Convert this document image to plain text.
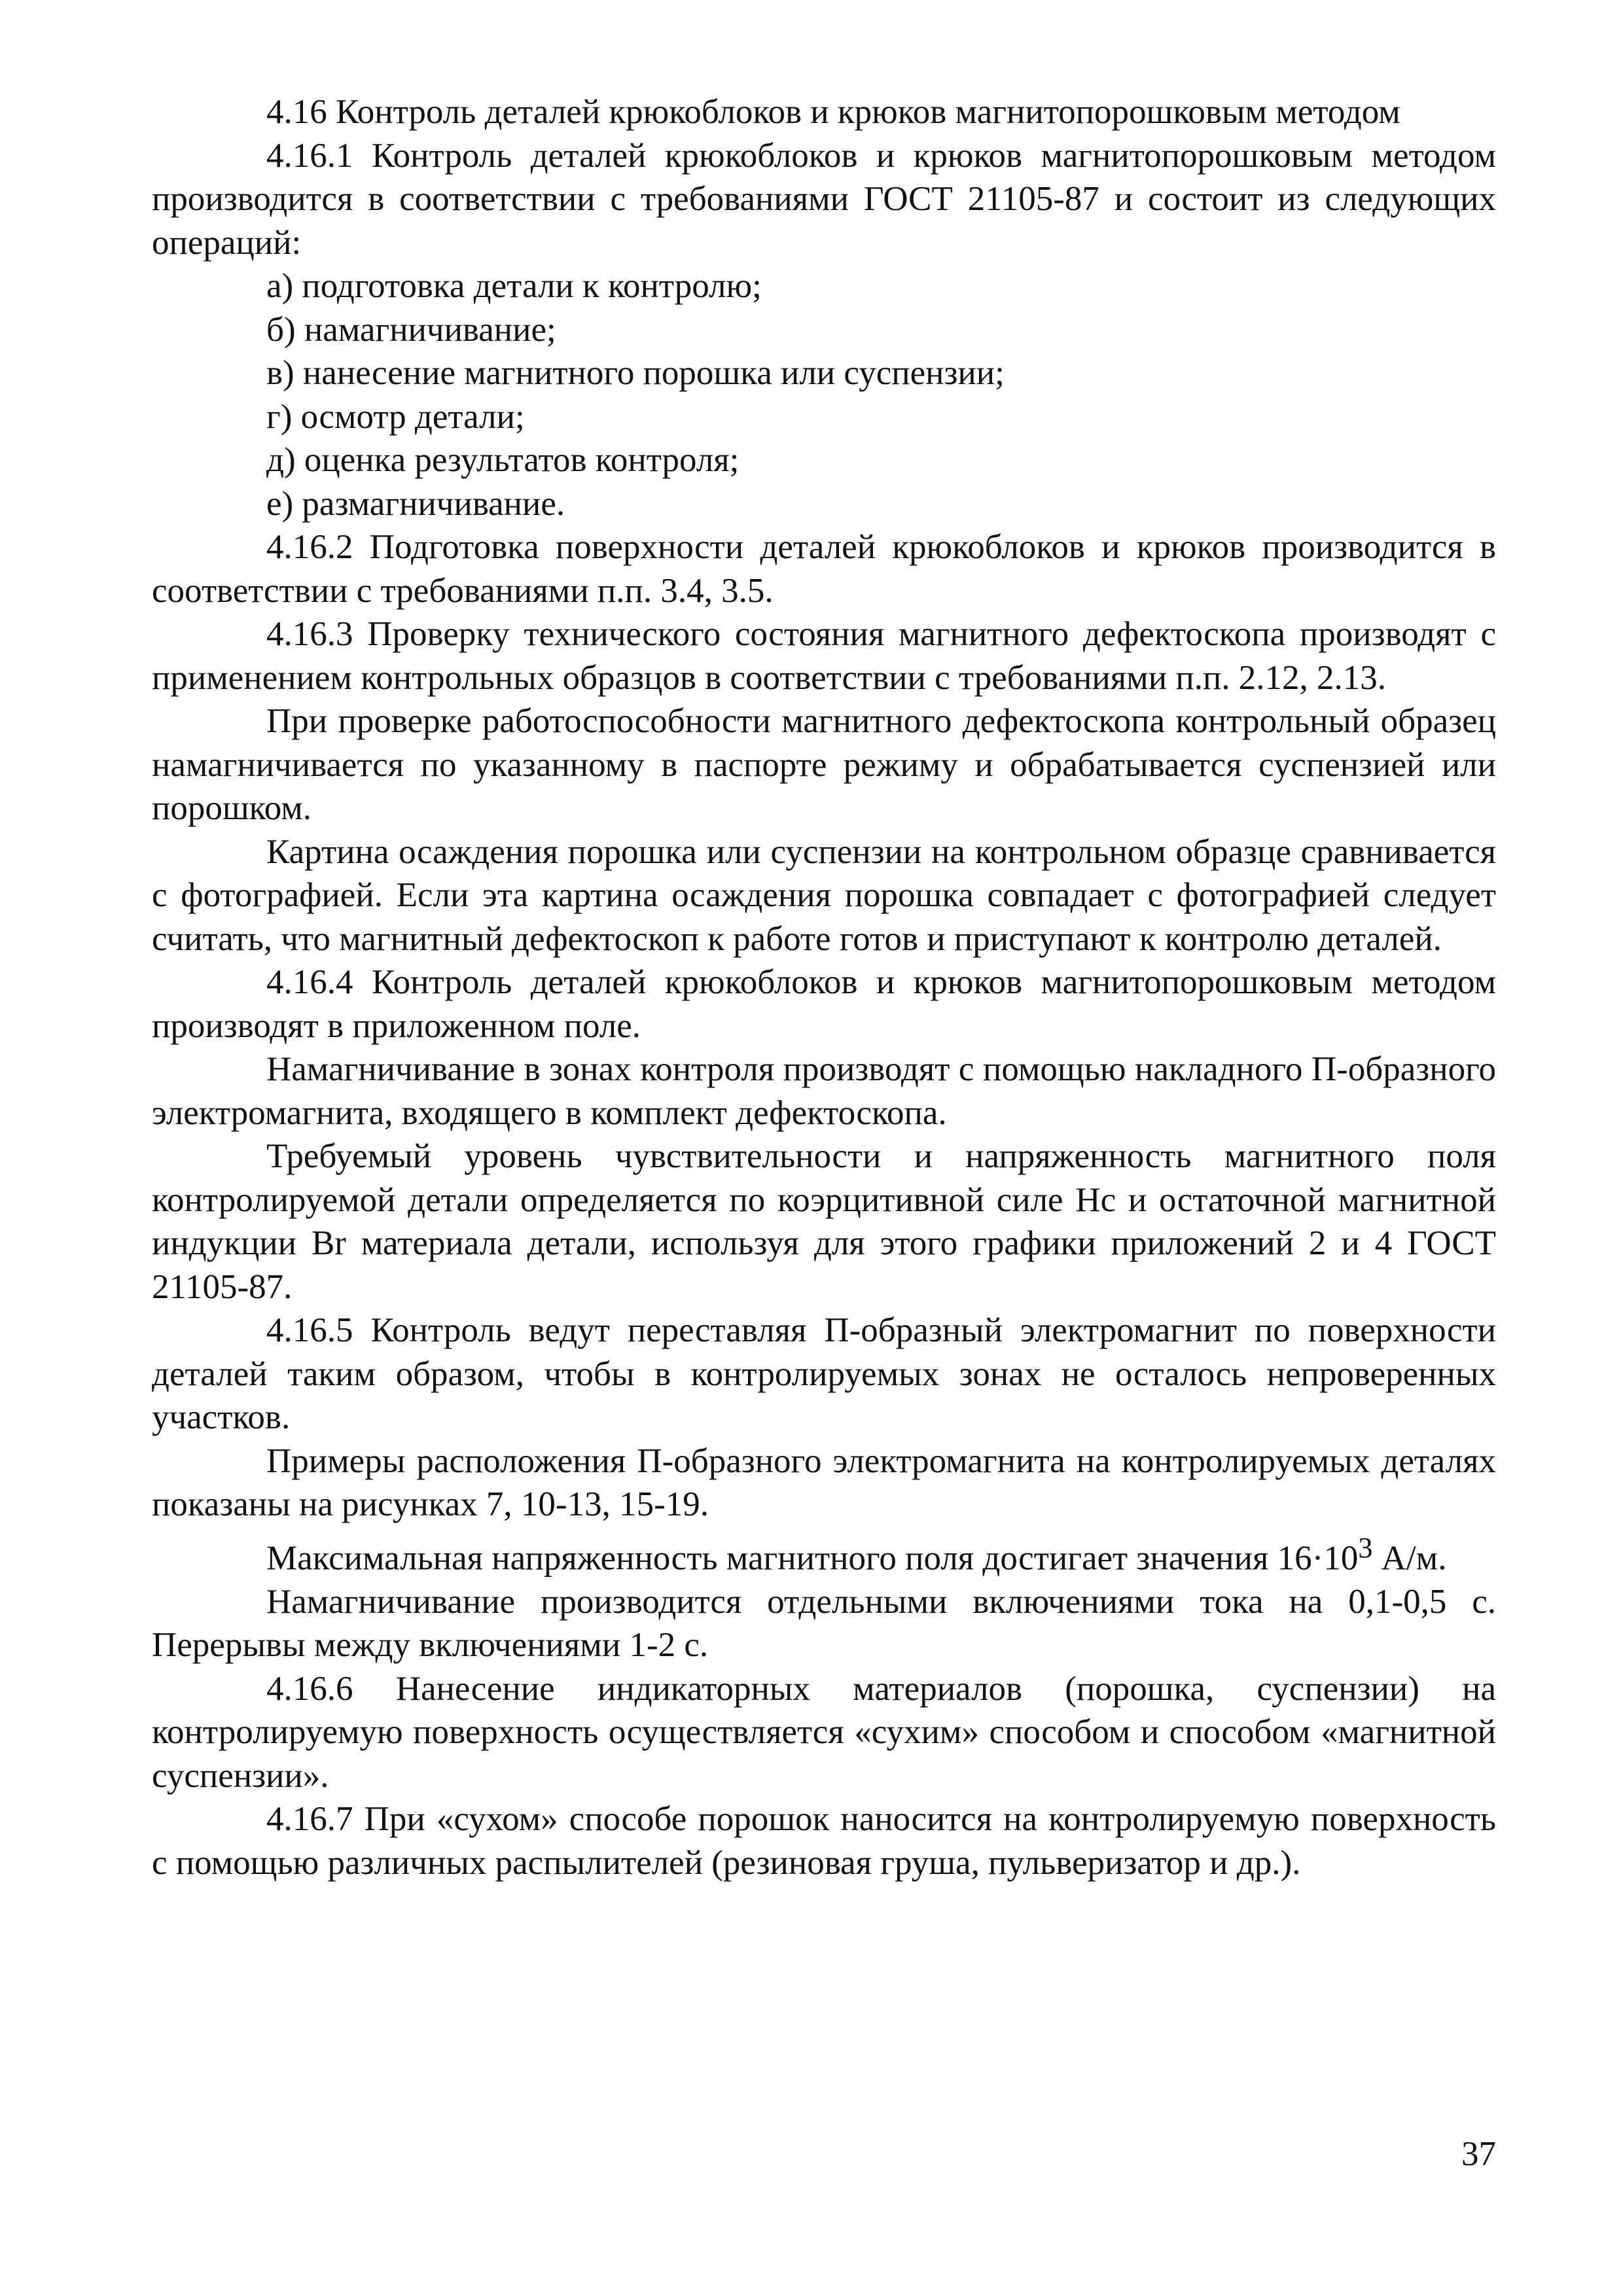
4.16 Контроль деталей крюкоблоков и крюков магнитопорошковым методом

4.16.1 Контроль деталей крюкоблоков и крюков магнитопорошковым методом производится в соответствии с требованиями ГОСТ 21105-87 и состоит из следующих операций:

а) подготовка детали к контролю;

б) намагничивание;

в) нанесение магнитного порошка или суспензии;

г) осмотр детали;

д) оценка результатов контроля;

е) размагничивание.

4.16.2 Подготовка поверхности деталей крюкоблоков и крюков производится в соответствии с требованиями п.п. 3.4, 3.5.

4.16.3 Проверку технического состояния магнитного дефектоскопа производят с применением контрольных образцов в соответствии с требованиями п.п. 2.12, 2.13.

При проверке работоспособности магнитного дефектоскопа контрольный образец намагничивается по указанному в паспорте режиму и обрабатывается суспензией или порошком.

Картина осаждения порошка или суспензии на контрольном образце сравнивается с фотографией. Если эта картина осаждения порошка совпадает с фотографией следует считать, что магнитный дефектоскоп к работе готов и приступают к контролю деталей.

4.16.4 Контроль деталей крюкоблоков и крюков магнитопорошковым методом производят в приложенном поле.

Намагничивание в зонах контроля производят с помощью накладного П-образного электромагнита, входящего в комплект дефектоскопа.

Требуемый уровень чувствительности и напряженность магнитного поля контролируемой детали определяется по коэрцитивной силе Нс и остаточной магнитной индукции Br материала детали, используя для этого графики приложений 2 и 4 ГОСТ 21105-87.

4.16.5 Контроль ведут переставляя П-образный электромагнит по поверхности деталей таким образом, чтобы в контролируемых зонах не осталось непроверенных участков.

Примеры расположения П-образного электромагнита на контролируемых деталях показаны на рисунках 7, 10-13, 15-19.

Максимальная напряженность магнитного поля достигает значения $16\cdot 10^3$ А/м.

Намагничивание производится отдельными включениями тока на 0,1-0,5 с. Перерывы между включениями 1-2 с.

4.16.6 Нанесение индикаторных материалов (порошка, суспензии) на контролируемую поверхность осуществляется «сухим» способом и способом «магнитной суспензии».

4.16.7 При «сухом» способе порошок наносится на контролируемую поверхность с помощью различных распылителей (резиновая груша, пульверизатор и др.).

37
